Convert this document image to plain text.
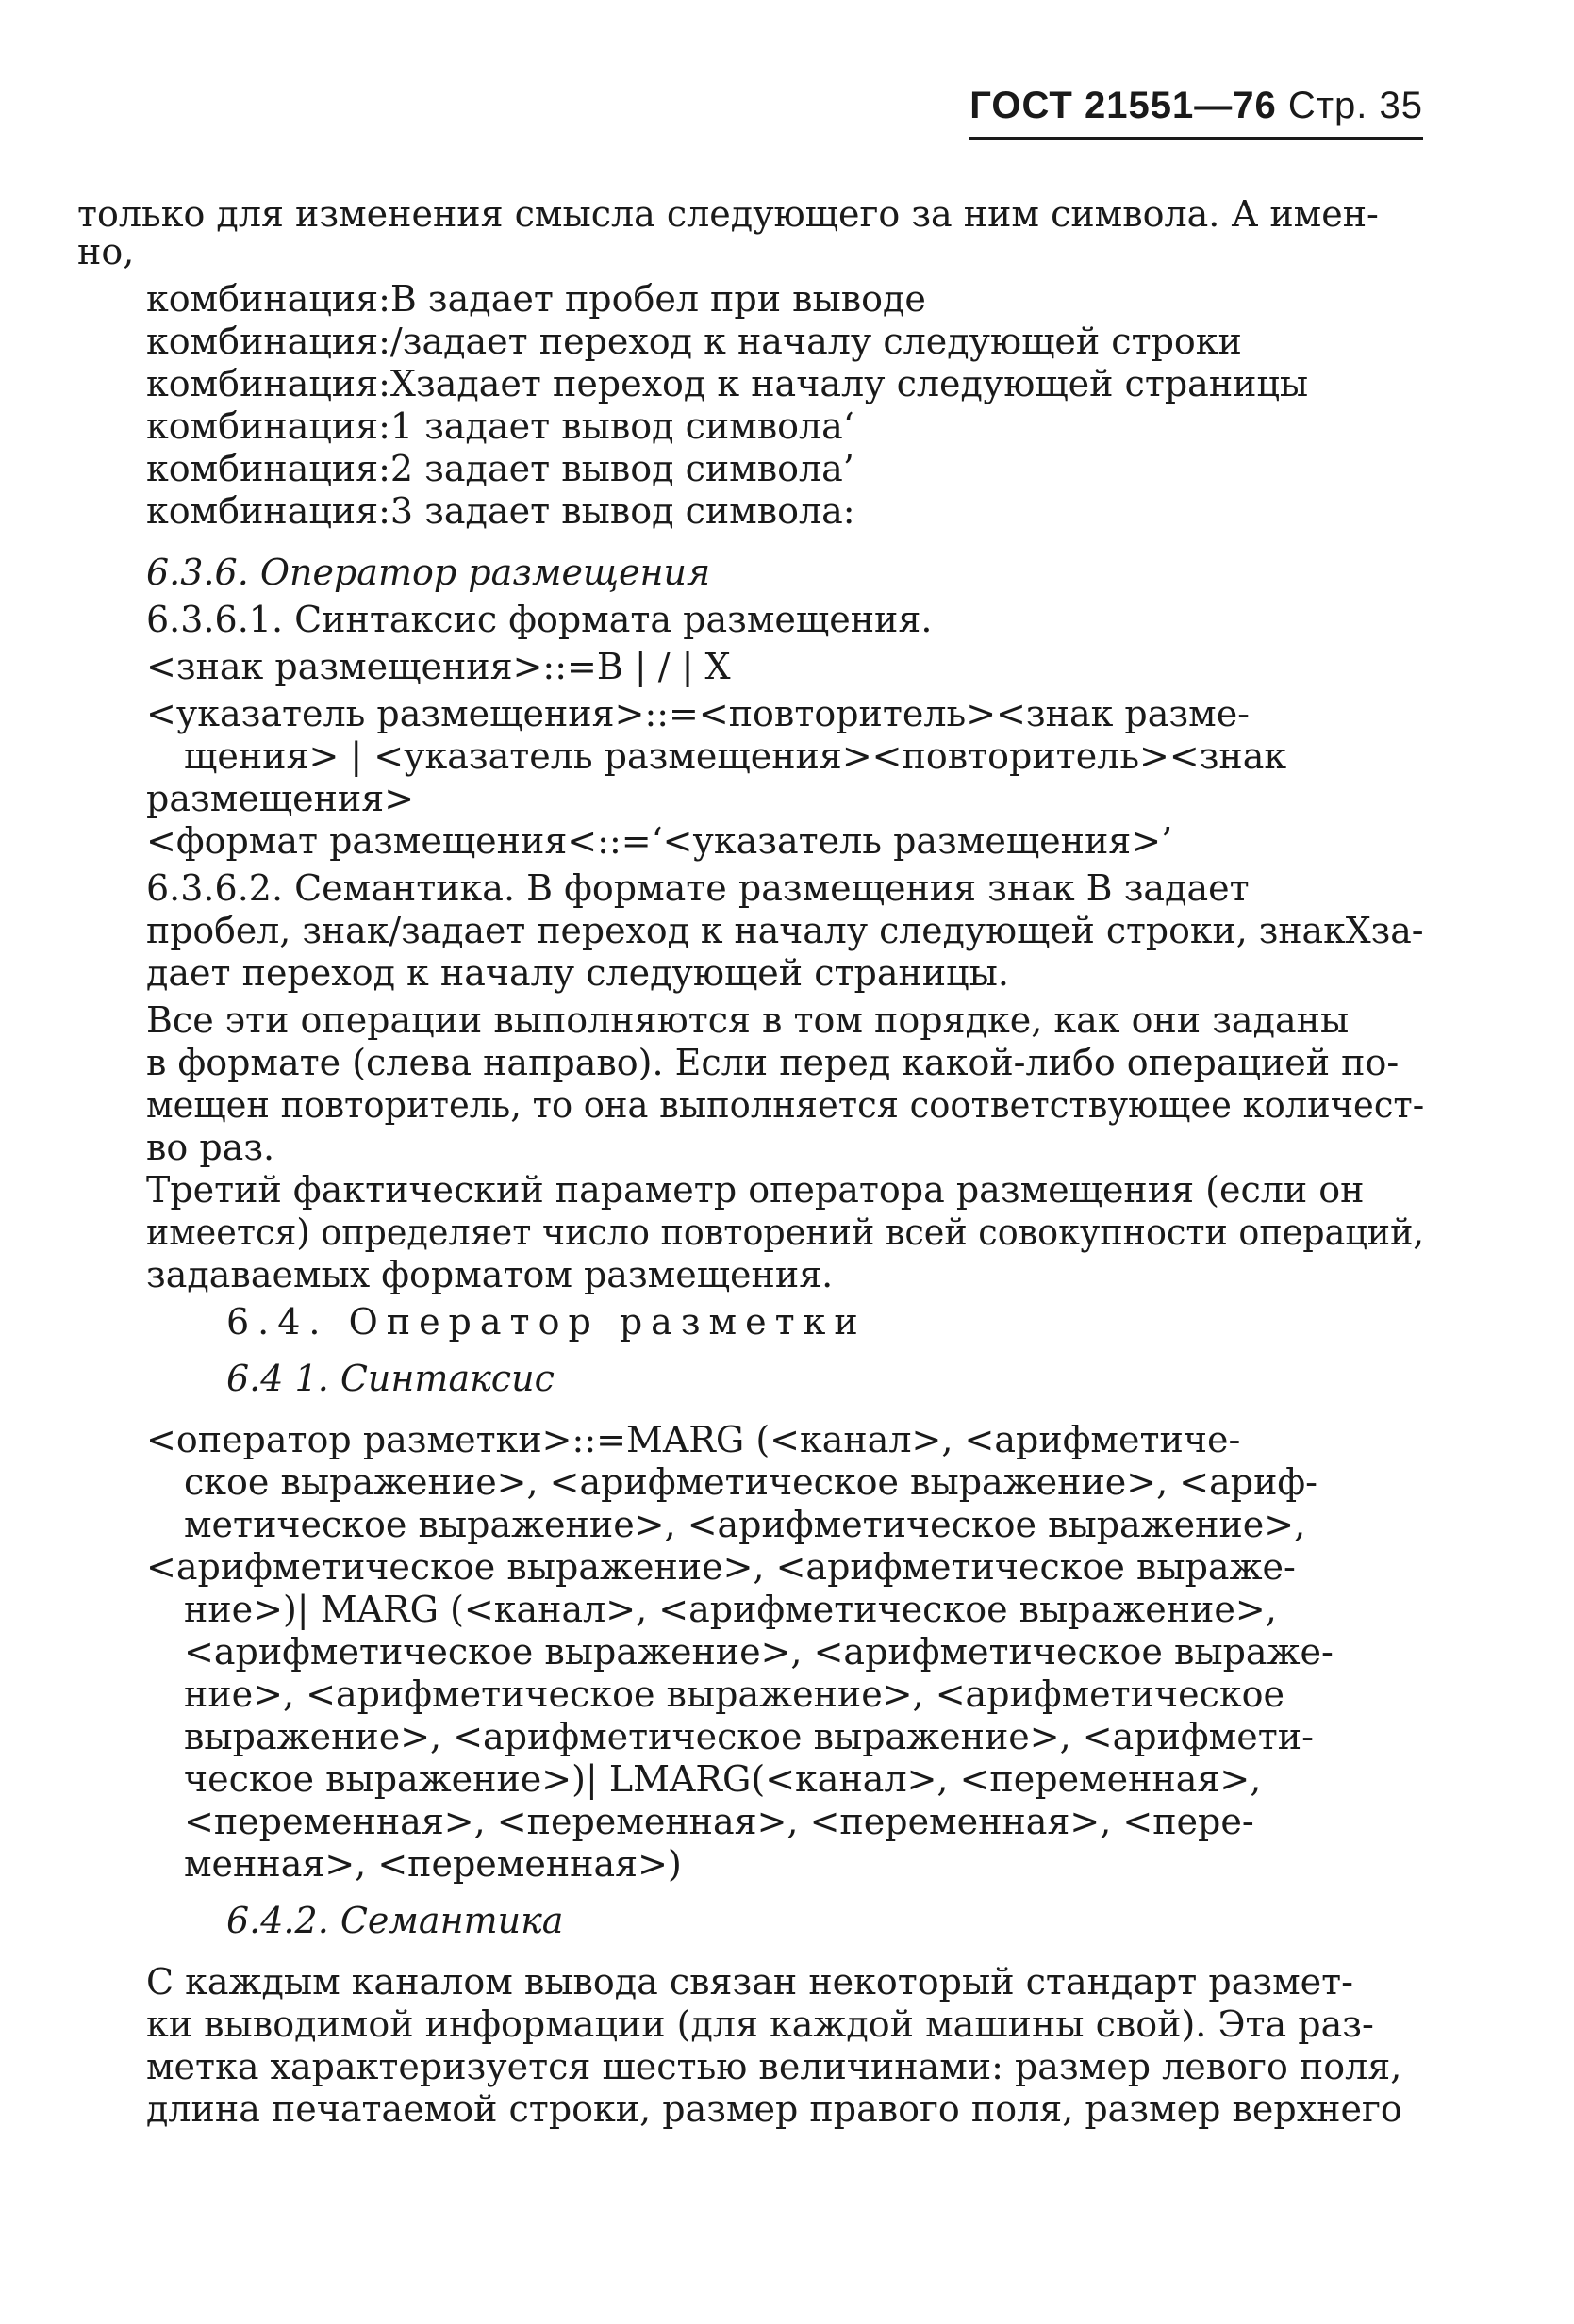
ГОСТ 21551—76 Стр. 35
только для изменения смысла следующего за ним символа. А имен-
но,
комбинация:В задает пробел при выводе
комбинация:/задает переход к началу следующей строки
комбинация:Xзадает переход к началу следующей страницы
комбинация:1 задает вывод символа‘
комбинация:2 задает вывод символа’
комбинация:3 задает вывод символа:
6.3.6. Оператор размещения
6.3.6.1. Синтаксис формата размещения.
<знак размещения>::=В | / | X
<указатель размещения>::=<повторитель><знак разме-
щения> | <указатель размещения><повторитель><знак
размещения>
<формат размещения<::=‘<указатель размещения>’
6.3.6.2. Семантика. В формате размещения знак В задает
пробел, знак/задает переход к началу следующей строки, знакXза-
дает переход к началу следующей страницы.
Все эти операции выполняются в том порядке, как они заданы
в формате (слева направо). Если перед какой-либо операцией по-
мещен повторитель, то она выполняется соответствующее количест-
во раз.
Третий фактический параметр оператора размещения (если он
имеется) определяет число повторений всей совокупности операций,
задаваемых форматом размещения.
6.4. Оператор разметки
6.4 1. Синтаксис
<оператор разметки>::=MARG (<канал>, <арифметиче-
ское выражение>, <арифметическое выражение>, <ариф-
метическое выражение>, <арифметическое выражение>,
<арифметическое выражение>, <арифметическое выраже-
ние>)| MARG (<канал>, <арифметическое выражение>,
<арифметическое выражение>, <арифметическое выраже-
ние>, <арифметическое выражение>, <арифметическое
выражение>, <арифметическое выражение>, <арифмети-
ческое выражение>)| LMARG(<канал>, <переменная>,
<переменная>, <переменная>, <переменная>, <пере-
менная>, <переменная>)
6.4.2. Семантика
С каждым каналом вывода связан некоторый стандарт размет-
ки выводимой информации (для каждой машины свой). Эта раз-
метка характеризуется шестью величинами: размер левого поля,
длина печатаемой строки, размер правого поля, размер верхнего
